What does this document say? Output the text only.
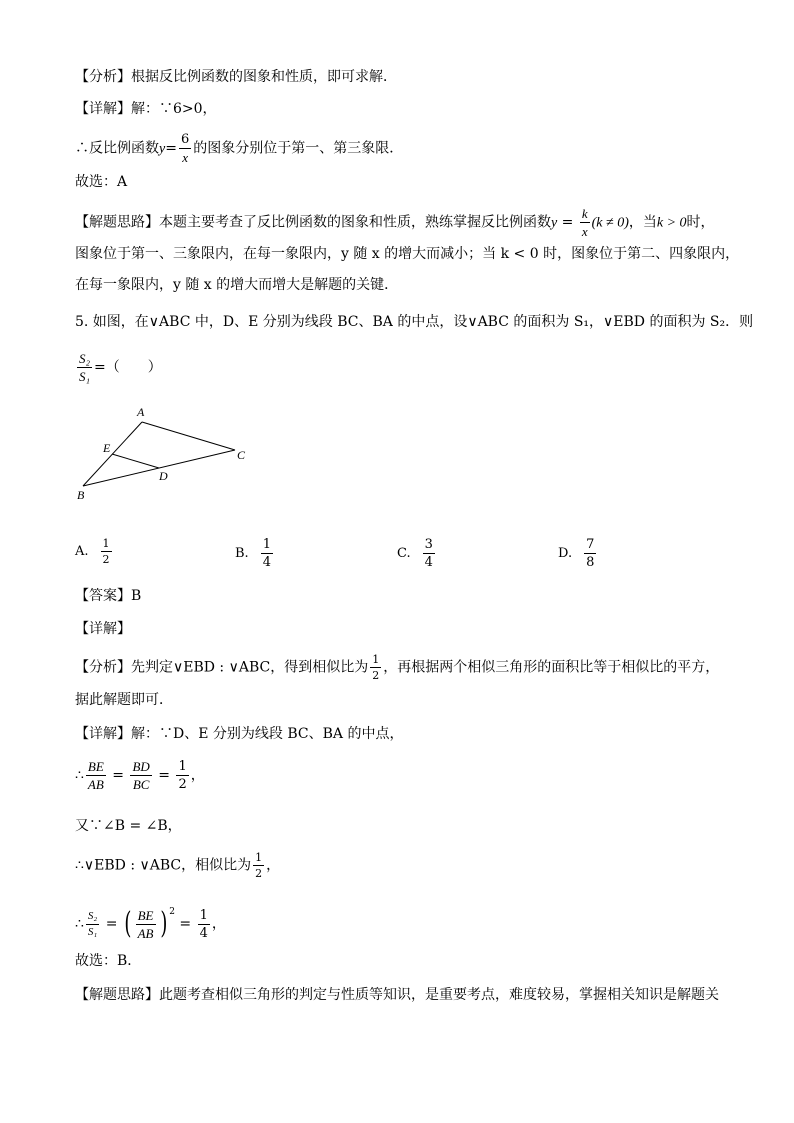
【分析】根据反比例函数的图象和性质，即可求解．
【详解】解：∵6>0，
∴反比例函数$y= \frac{6}{x}$ 的图象分别位于第一、第三象限．
故选：A
【解题思路】本题主要考查了反比例函数的图象和性质，熟练掌握反比例函数$y = \frac{k}{x} (k \ne 0)$，当k > 0时，
图象位于第一、三象限内，在每一象限内，y 随 x 的增大而减小；当 k < 0 时，图象位于第二、四象限内，
在每一象限内，y 随 x 的增大而增大是解题的关键．
5. 如图，在∨ABC 中，D、E 分别为线段 BC、BA 的中点，设∨ABC 的面积为 S₁，∨EBD 的面积为 S₂．则
$\frac{\text{S₂}}{\text{S₁}}$ =（　　）
A
E	C
D
B
A. $\frac{1}{2}$	B. $\frac{1}{4}$	C. $\frac{3}{4}$	D. $\frac{7}{8}$
【答案】B
【详解】
【分析】先判定∨EBD : ∨ABC，得到相似比为 $\frac{1}{2}$ ，再根据两个相似三角形的面积比等于相似比的平方，
据此解题即可．
【详解】解：∵D、E 分别为线段 BC、BA 的中点，
∴ $\frac{BE}{AB} = \frac{BD}{BC} = \frac{1}{2}$ ，
又∵∠B = ∠B，
∴∨EBD : ∨ABC，相似比为 $\frac{1}{2}$ ，
∴ $\frac{\text{S₂}}{\text{S₁}}$ = ( $\frac{BE}{AB}$ ) $^2 = \frac{1}{4}$ ，
故选：B．
【解题思路】此题考查相似三角形的判定与性质等知识，是重要考点，难度较易，掌握相关知识是解题关
